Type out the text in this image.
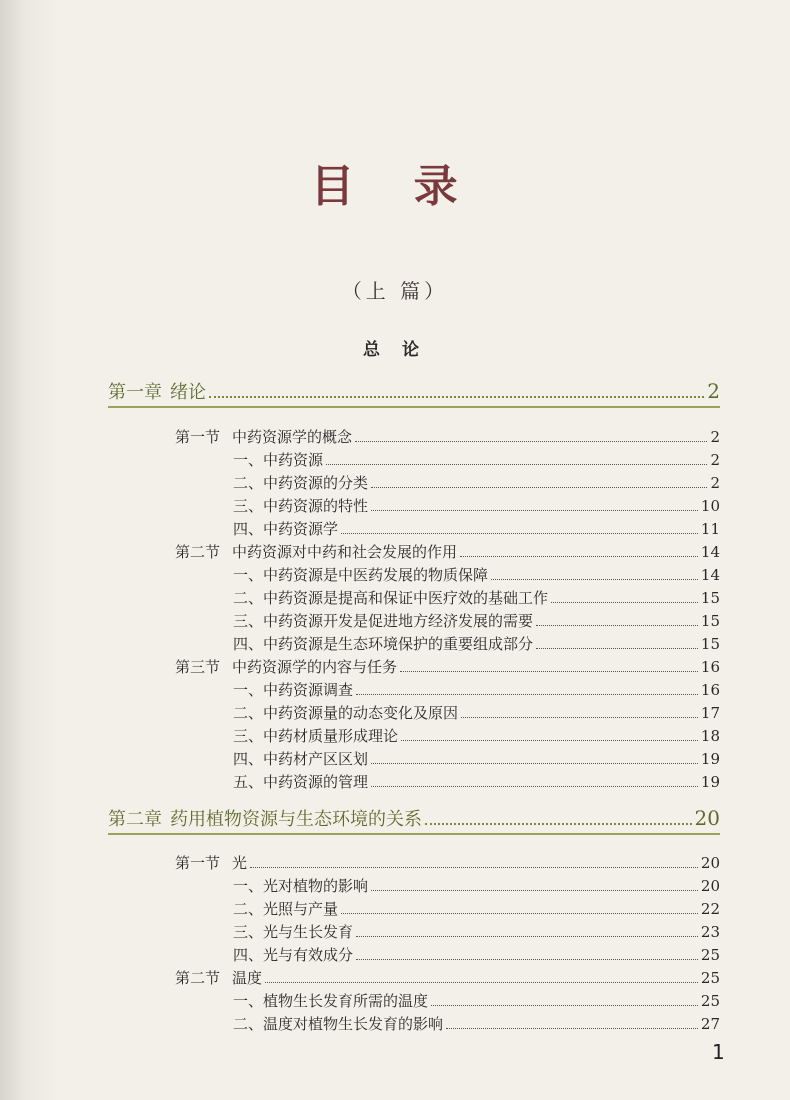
目 录
（上 篇）
总 论
第一章 绪论	2
第一节 中药资源学的概念	2
一、中药资源	2
二、中药资源的分类	2
三、中药资源的特性	10
四、中药资源学	11
第二节 中药资源对中药和社会发展的作用	14
一、中药资源是中医药发展的物质保障	14
二、中药资源是提高和保证中医疗效的基础工作	15
三、中药资源开发是促进地方经济发展的需要	15
四、中药资源是生态环境保护的重要组成部分	15
第三节 中药资源学的内容与任务	16
一、中药资源调查	16
二、中药资源量的动态变化及原因	17
三、中药材质量形成理论	18
四、中药材产区区划	19
五、中药资源的管理	19
第二章 药用植物资源与生态环境的关系	20
第一节 光	20
一、光对植物的影响	20
二、光照与产量	22
三、光与生长发育	23
四、光与有效成分	25
第二节 温度	25
一、植物生长发育所需的温度	25
二、温度对植物生长发育的影响	27
1
